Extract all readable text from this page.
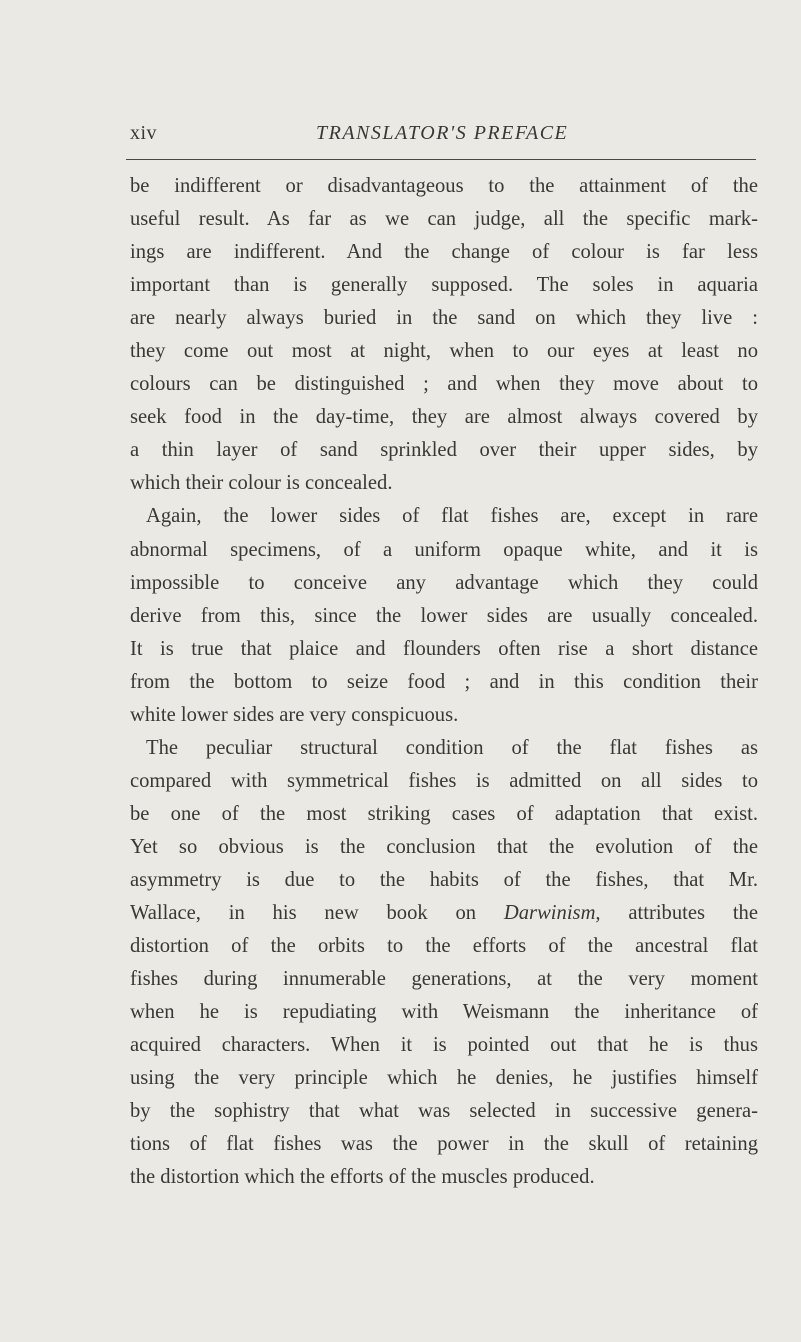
xiv	TRANSLATOR'S PREFACE
be indifferent or disadvantageous to the attainment of the
useful result. As far as we can judge, all the specific mark-
ings are indifferent. And the change of colour is far less
important than is generally supposed. The soles in aquaria
are nearly always buried in the sand on which they live :
they come out most at night, when to our eyes at least no
colours can be distinguished ; and when they move about to
seek food in the day-time, they are almost always covered by
a thin layer of sand sprinkled over their upper sides, by
which their colour is concealed.
Again, the lower sides of flat fishes are, except in rare
abnormal specimens, of a uniform opaque white, and it is
impossible to conceive any advantage which they could
derive from this, since the lower sides are usually concealed.
It is true that plaice and flounders often rise a short distance
from the bottom to seize food ; and in this condition their
white lower sides are very conspicuous.
The peculiar structural condition of the flat fishes as
compared with symmetrical fishes is admitted on all sides to
be one of the most striking cases of adaptation that exist.
Yet so obvious is the conclusion that the evolution of the
asymmetry is due to the habits of the fishes, that Mr.
Wallace, in his new book on Darwinism, attributes the
distortion of the orbits to the efforts of the ancestral flat
fishes during innumerable generations, at the very moment
when he is repudiating with Weismann the inheritance of
acquired characters. When it is pointed out that he is thus
using the very principle which he denies, he justifies himself
by the sophistry that what was selected in successive genera-
tions of flat fishes was the power in the skull of retaining
the distortion which the efforts of the muscles produced.
